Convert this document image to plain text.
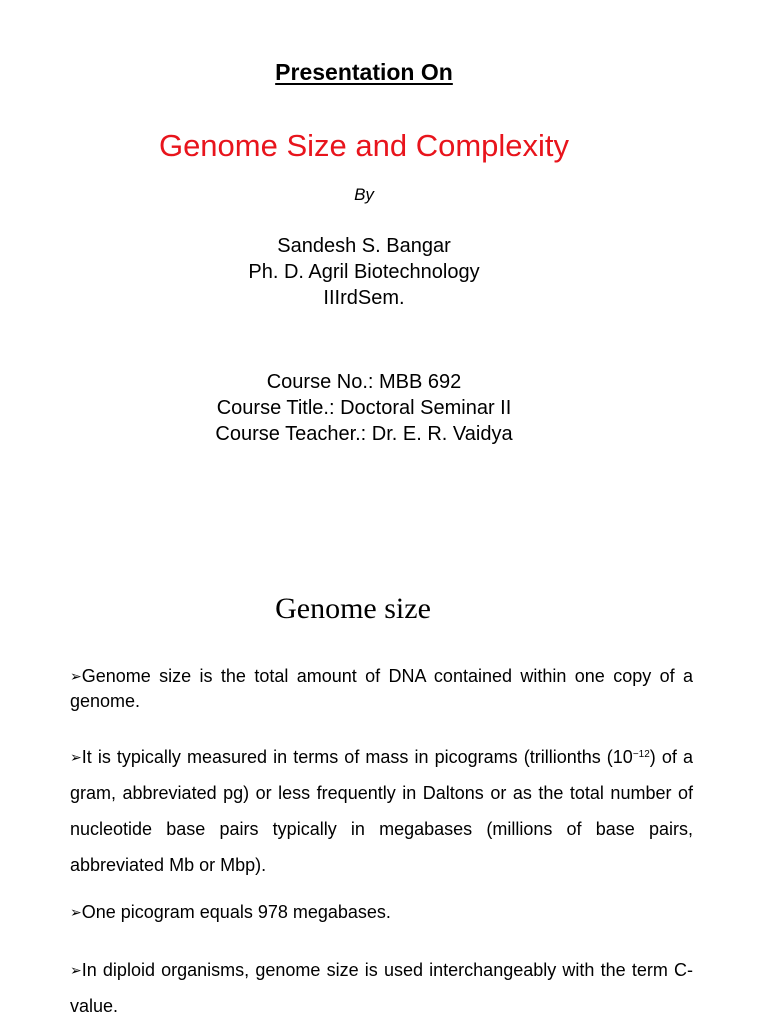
Presentation On
Genome Size and Complexity
By
Sandesh S. Bangar
Ph. D. Agril Biotechnology
IIIrdSem.
Course No.: MBB 692
Course Title.: Doctoral Seminar II
Course Teacher.: Dr. E. R. Vaidya
Genome size
➢Genome size is the total amount of DNA contained within one copy of a genome.
➢It is typically measured in terms of mass in picograms (trillionths $(10^{-12})$ of a gram, abbreviated pg) or less frequently in Daltons or as the total number of nucleotide base pairs typically in megabases (millions of base pairs, abbreviated Mb or Mbp).
➢One picogram equals 978 megabases.
➢In diploid organisms, genome size is used interchangeably with the term C-value.
